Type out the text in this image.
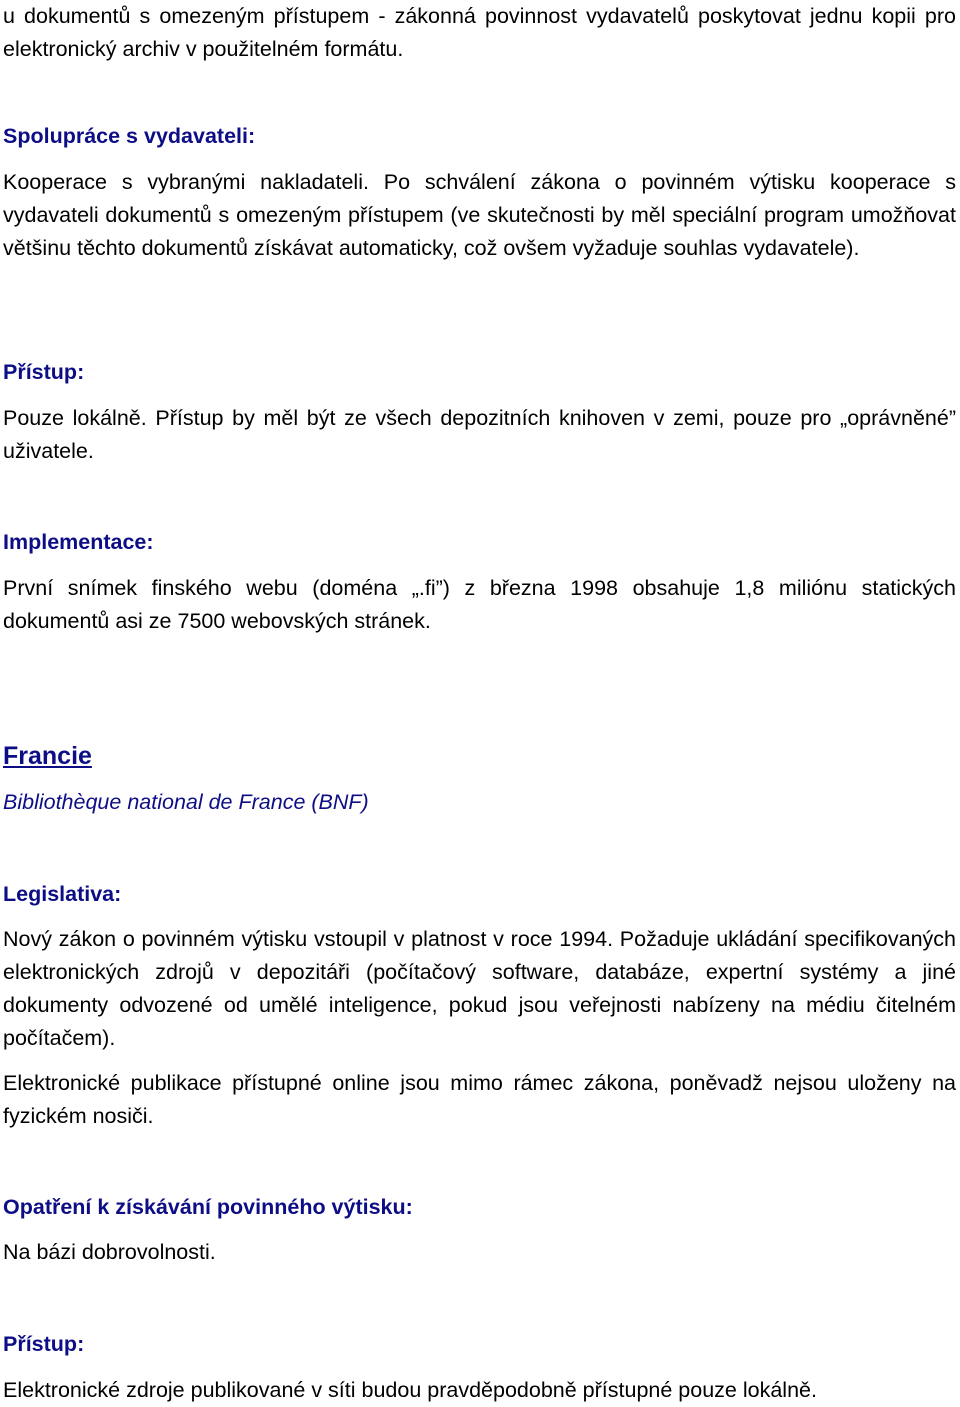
u dokumentů s omezeným přístupem - zákonná povinnost vydavatelů poskytovat jednu kopii pro elektronický archiv v použitelném formátu.

Spolupráce s vydavateli:

Kooperace s vybranými nakladateli. Po schválení zákona o povinném výtisku kooperace s vydavateli dokumentů s omezeným přístupem (ve skutečnosti by měl speciální program umožňovat většinu těchto dokumentů získávat automaticky, což ovšem vyžaduje souhlas vydavatele).

Přístup:

Pouze lokálně. Přístup by měl být ze všech depozitních knihoven v zemi, pouze pro „oprávněné” uživatele.

Implementace:

První snímek finského webu (doména „.fi”) z března 1998 obsahuje 1,8 miliónu statických dokumentů asi ze 7500 webovských stránek.

Francie

Bibliothèque national de France (BNF)

Legislativa:

Nový zákon o povinném výtisku vstoupil v platnost v roce 1994. Požaduje ukládání specifikovaných elektronických zdrojů v depozitáři (počítačový software, databáze, expertní systémy a jiné dokumenty odvozené od umělé inteligence, pokud jsou veřejnosti nabízeny na médiu čitelném počítačem).

Elektronické publikace přístupné online jsou mimo rámec zákona, poněvadž nejsou uloženy na fyzickém nosiči.

Opatření k získávání povinného výtisku:

Na bázi dobrovolnosti.

Přístup:

Elektronické zdroje publikované v síti budou pravděpodobně přístupné pouze lokálně.
